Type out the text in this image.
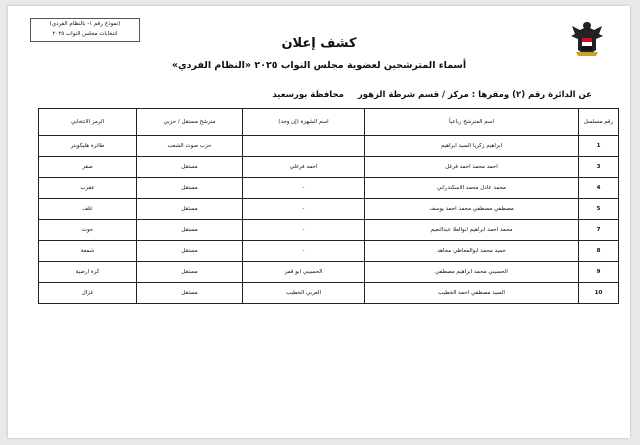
(نموذج رقم ١- بالنظام الفردي)
انتخابات مجلس النواب ٢٠٢٥
كشف إعلان
أسماء المترشحين لعضوية مجلس النواب ٢٠٢٥ «النظام الفردي»
عن الدائرة رقم (٢) ومقرها : مركز / قسم شرطة الزهورمحافظة بورسعيد
رقم مسلسل	اسم المترشح رباعياً	اسم الشهرة (إن وجد)	مترشح مستقل / حزبي	الرمز الانتخابي
1	ابراهيم زكريا السيد ابراهيم		حزب صوت الشعب	طائرة هليكوبتر
3	احمد محمد احمد فرغل	احمد فرغلي	مستقل	صقر
4	محمد عادل محمد الاسكندراني	-	مستقل	عقرب
5	مصطفي مصطفي محمد احمد يوسف	-	مستقل	غلف
7	محمد احمد ابراهيم ابوالعلا عبدالنعيم	-	مستقل	حوت
8	حميد محمد ابوالمعاطي مجاهد	-	مستقل	شمعة
9	الحسيني محمد ابراهيم مصطفي	الحسيني ابو قمر	مستقل	كرة ارضية
10	السيد مصطفي احمد الخطيب	العربي الخطيب	مستقل	غزال
